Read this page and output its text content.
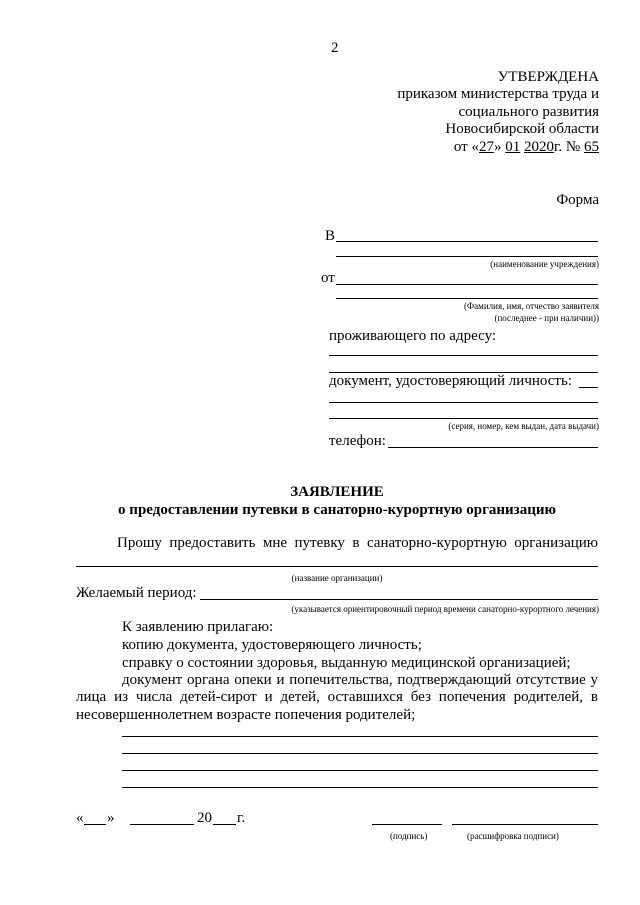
2
УТВЕРЖДЕНА
приказом министерства труда и
социального развития
Новосибирской области
от «27» 01 2020г. № 65
Форма
В
(наименование учреждения)
от
(Фамилия, имя, отчество заявителя
(последнее - при наличии))
проживающего по адресу:
документ, удостоверяющий личность:
(серия, номер, кем выдан, дата выдачи)
телефон:
ЗАЯВЛЕНИЕ
о предоставлении путевки в санаторно-курортную организацию
Прошу предоставить мне путевку в санаторно-курортную организацию
(название организации)
Желаемый период:
(указывается ориентировочный период времени санаторно-курортного лечения)
К заявлению прилагаю:
копию документа, удостоверяющего личность;
справку о состоянии здоровья, выданную медицинской организацией;
документ органа опеки и попечительства, подтверждающий отсутствие у
лица из числа детей-сирот и детей, оставшихся без попечения родителей, в
несовершеннолетнем возрасте попечения родителей;
« »	20 г.
(подпись)	(расшифровка подписи)
